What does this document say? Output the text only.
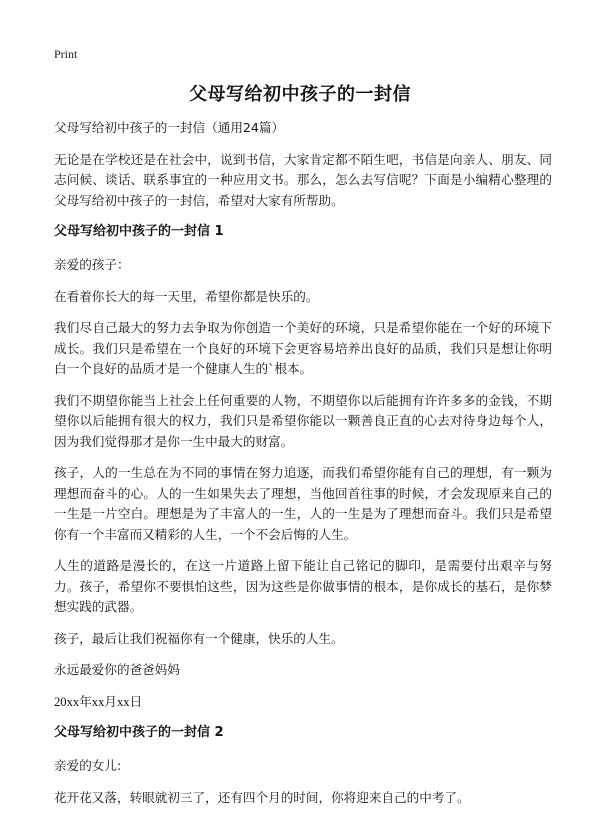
Print
父母写给初中孩子的一封信

父母写给初中孩子的一封信（通用24篇）

无论是在学校还是在社会中，说到书信，大家肯定都不陌生吧，书信是向亲人、朋友、同志问候、谈话、联系事宜的一种应用文书。那么，怎么去写信呢？下面是小编精心整理的父母写给初中孩子的一封信，希望对大家有所帮助。

父母写给初中孩子的一封信 1

亲爱的孩子：

在看着你长大的每一天里，希望你都是快乐的。

我们尽自己最大的努力去争取为你创造一个美好的环境，只是希望你能在一个好的环境下成长。我们只是希望在一个良好的环境下会更容易培养出良好的品质，我们只是想让你明白一个良好的品质才是一个健康人生的`根本。

我们不期望你能当上社会上任何重要的人物，不期望你以后能拥有许许多多的金钱，不期望你以后能拥有很大的权力，我们只是希望你能以一颗善良正直的心去对待身边每个人，因为我们觉得那才是你一生中最大的财富。

孩子，人的一生总在为不同的事情在努力追逐，而我们希望你能有自己的理想，有一颗为理想而奋斗的心。人的一生如果失去了理想，当他回首往事的时候，才会发现原来自己的一生是一片空白。理想是为了丰富人的一生，人的一生是为了理想而奋斗。我们只是希望你有一个丰富而又精彩的人生，一个不会后悔的人生。

人生的道路是漫长的，在这一片道路上留下能让自己铭记的脚印，是需要付出艰辛与努力。孩子，希望你不要惧怕这些，因为这些是你做事情的根本，是你成长的基石，是你梦想实践的武器。

孩子，最后让我们祝福你有一个健康，快乐的人生。

永远最爱你的爸爸妈妈

20xx年xx月xx日

父母写给初中孩子的一封信 2

亲爱的女儿:

花开花又落，转眼就初三了，还有四个月的时间，你将迎来自己的中考了。
